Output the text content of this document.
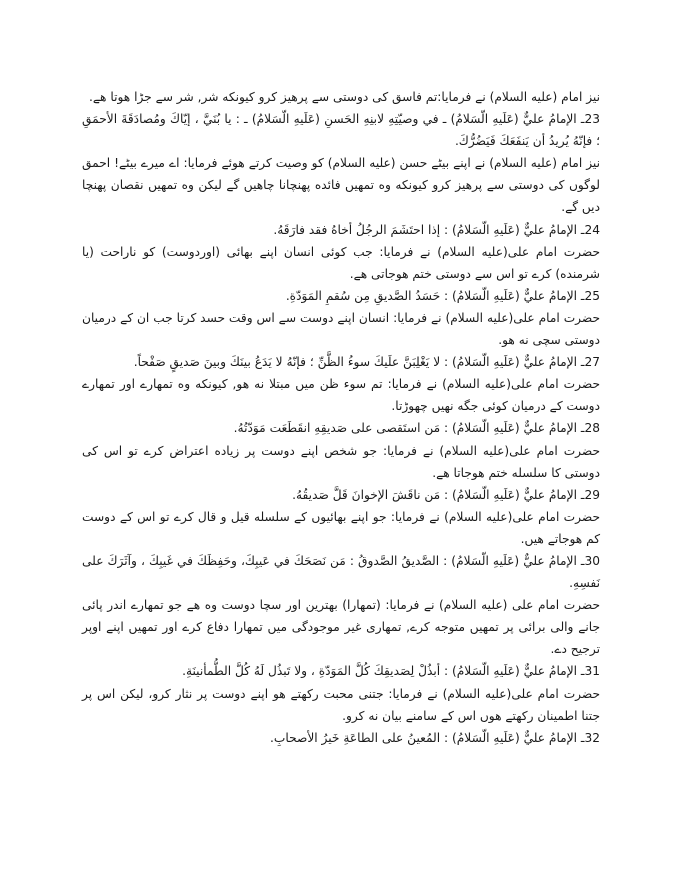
نیز امام (علیه السلام) نے فرمایا:تم فاسق کی دوستی سے پرهیز کرو کیونکه شر, شر سے جڑا هوتا هے.

23ـ الإمامُ عليٌّ (عَلَيهِ الّسَلامُ) ـ في وصيّتِهِ لابنِهِ الحَسنِ (عَلَيهِ الّسَلامُ) ـ : يا بُنَيَّ ، إيّاكَ ومُصادَقَةَ الأحمَقِ ؛ فإنّهُ يُريدُ أن يَنفَعَكَ فَيَضُرُّكَ.

نیز امام (علیه السلام) نے اپنے بیٹے حسن (علیه السلام) کو وصیت کرتے هوئے فرمایا: اے میرے بیٹے! احمق لوگوں کی دوستی سے پرهیز کرو کیونکه وه تمهیں فائده پهنچانا چاهیں گے لیکن وه تمهیں نقصان پهنچا دیں گے.

24ـ الإمامُ عليٌّ (عَلَيهِ الّسَلامُ) : إذا احتَشَمَ الرجُلُ أخاهُ فقد فارَقَهُ.

حضرت امام علی(علیه السلام) نے فرمایا: جب کوئی انسان اپنے بهائی (اوردوست) کو ناراحت (یا شرمنده) کرے تو اس سے دوستی ختم هوجاتی هے.

25ـ الإمامُ عليٌّ (عَلَيهِ الّسَلامُ) : حَسَدُ الصَّديقِ مِن سُقمِ المَوَدّةِ.

حضرت امام علی(علیه السلام) نے فرمایا: انسان اپنے دوست سے اس وقت حسد کرتا جب ان کے درمیان دوستی سچی نه هو.

27ـ الإمامُ عليٌّ (عَلَيهِ الّسَلامُ) : لا يَغْلِبَنَّ علَيكَ سوءُ الظَّنِّ ؛ فإنّهُ لا يَدَعُ بينَكَ وبينَ صَديقٍ صَفْحاً.

حضرت امام علی(علیه السلام) نے فرمایا: تم سوء ظن میں مبتلا نه هو, کیونکه وه تمهارے اور تمهارے دوست کے درمیان کوئی جگه نهیں چهوڑتا.

28ـ الإمامُ عليٌّ (عَلَيهِ الّسَلامُ) : مَن استَقصى على صَديقِهِ انقَطَعَت مَوَدّتُهُ.

حضرت امام علی(علیه السلام) نے فرمایا: جو شخص اپنے دوست پر زیاده اعتراض کرے تو اس کی دوستی کا سلسله ختم هوجاتا هے.

29ـ الإمامُ عليٌّ (عَلَيهِ الّسَلامُ) : مَن ناقَشَ الإخوانَ قَلَّ صَديقُهُ.

حضرت امام علی(علیه السلام) نے فرمایا: جو اپنے بهائیوں کے سلسله قیل و قال کرے تو اس کے دوست کم هوجاتے هیں.

30ـ الإمامُ عليٌّ (عَلَيهِ الّسَلامُ) : الصَّديقُ الصَّدوقُ : مَن نَصَحَكَ في عَيبِكَ، وحَفِظَكَ في غَيبِكَ ، وآثَرَكَ على نَفسِهِ.

حضرت امام علی (علیه السلام) نے فرمایا: (تمهارا) بهترین اور سچا دوست وه هے جو تمهارے اندر پائی جانے والی برائی پر تمهیں متوجه کرے, تمهاری غیر موجودگی میں تمهارا دفاع کرے اور تمهیں اپنے اوپر ترجیح دے.

31ـ الإمامُ عليٌّ (عَلَيهِ الّسَلامُ) : أبذُلْ لِصَديقِكَ كُلَّ المَوَدّةِ ، ولا تَبذُل لَهُ كُلَّ الطُّمأنينَةِ.

حضرت امام علی(علیه السلام) نے فرمایا: جتنی محبت رکهتے هو اپنے دوست پر نثار کرو، لیکن اس پر جتنا اطمینان رکهتے هوں اس کے سامنے بیان نه کرو.

32ـ الإمامُ عليٌّ (عَلَيهِ الّسَلامُ) : المُعينُ على الطاعَةِ خَيرُ الأصحابِ.
